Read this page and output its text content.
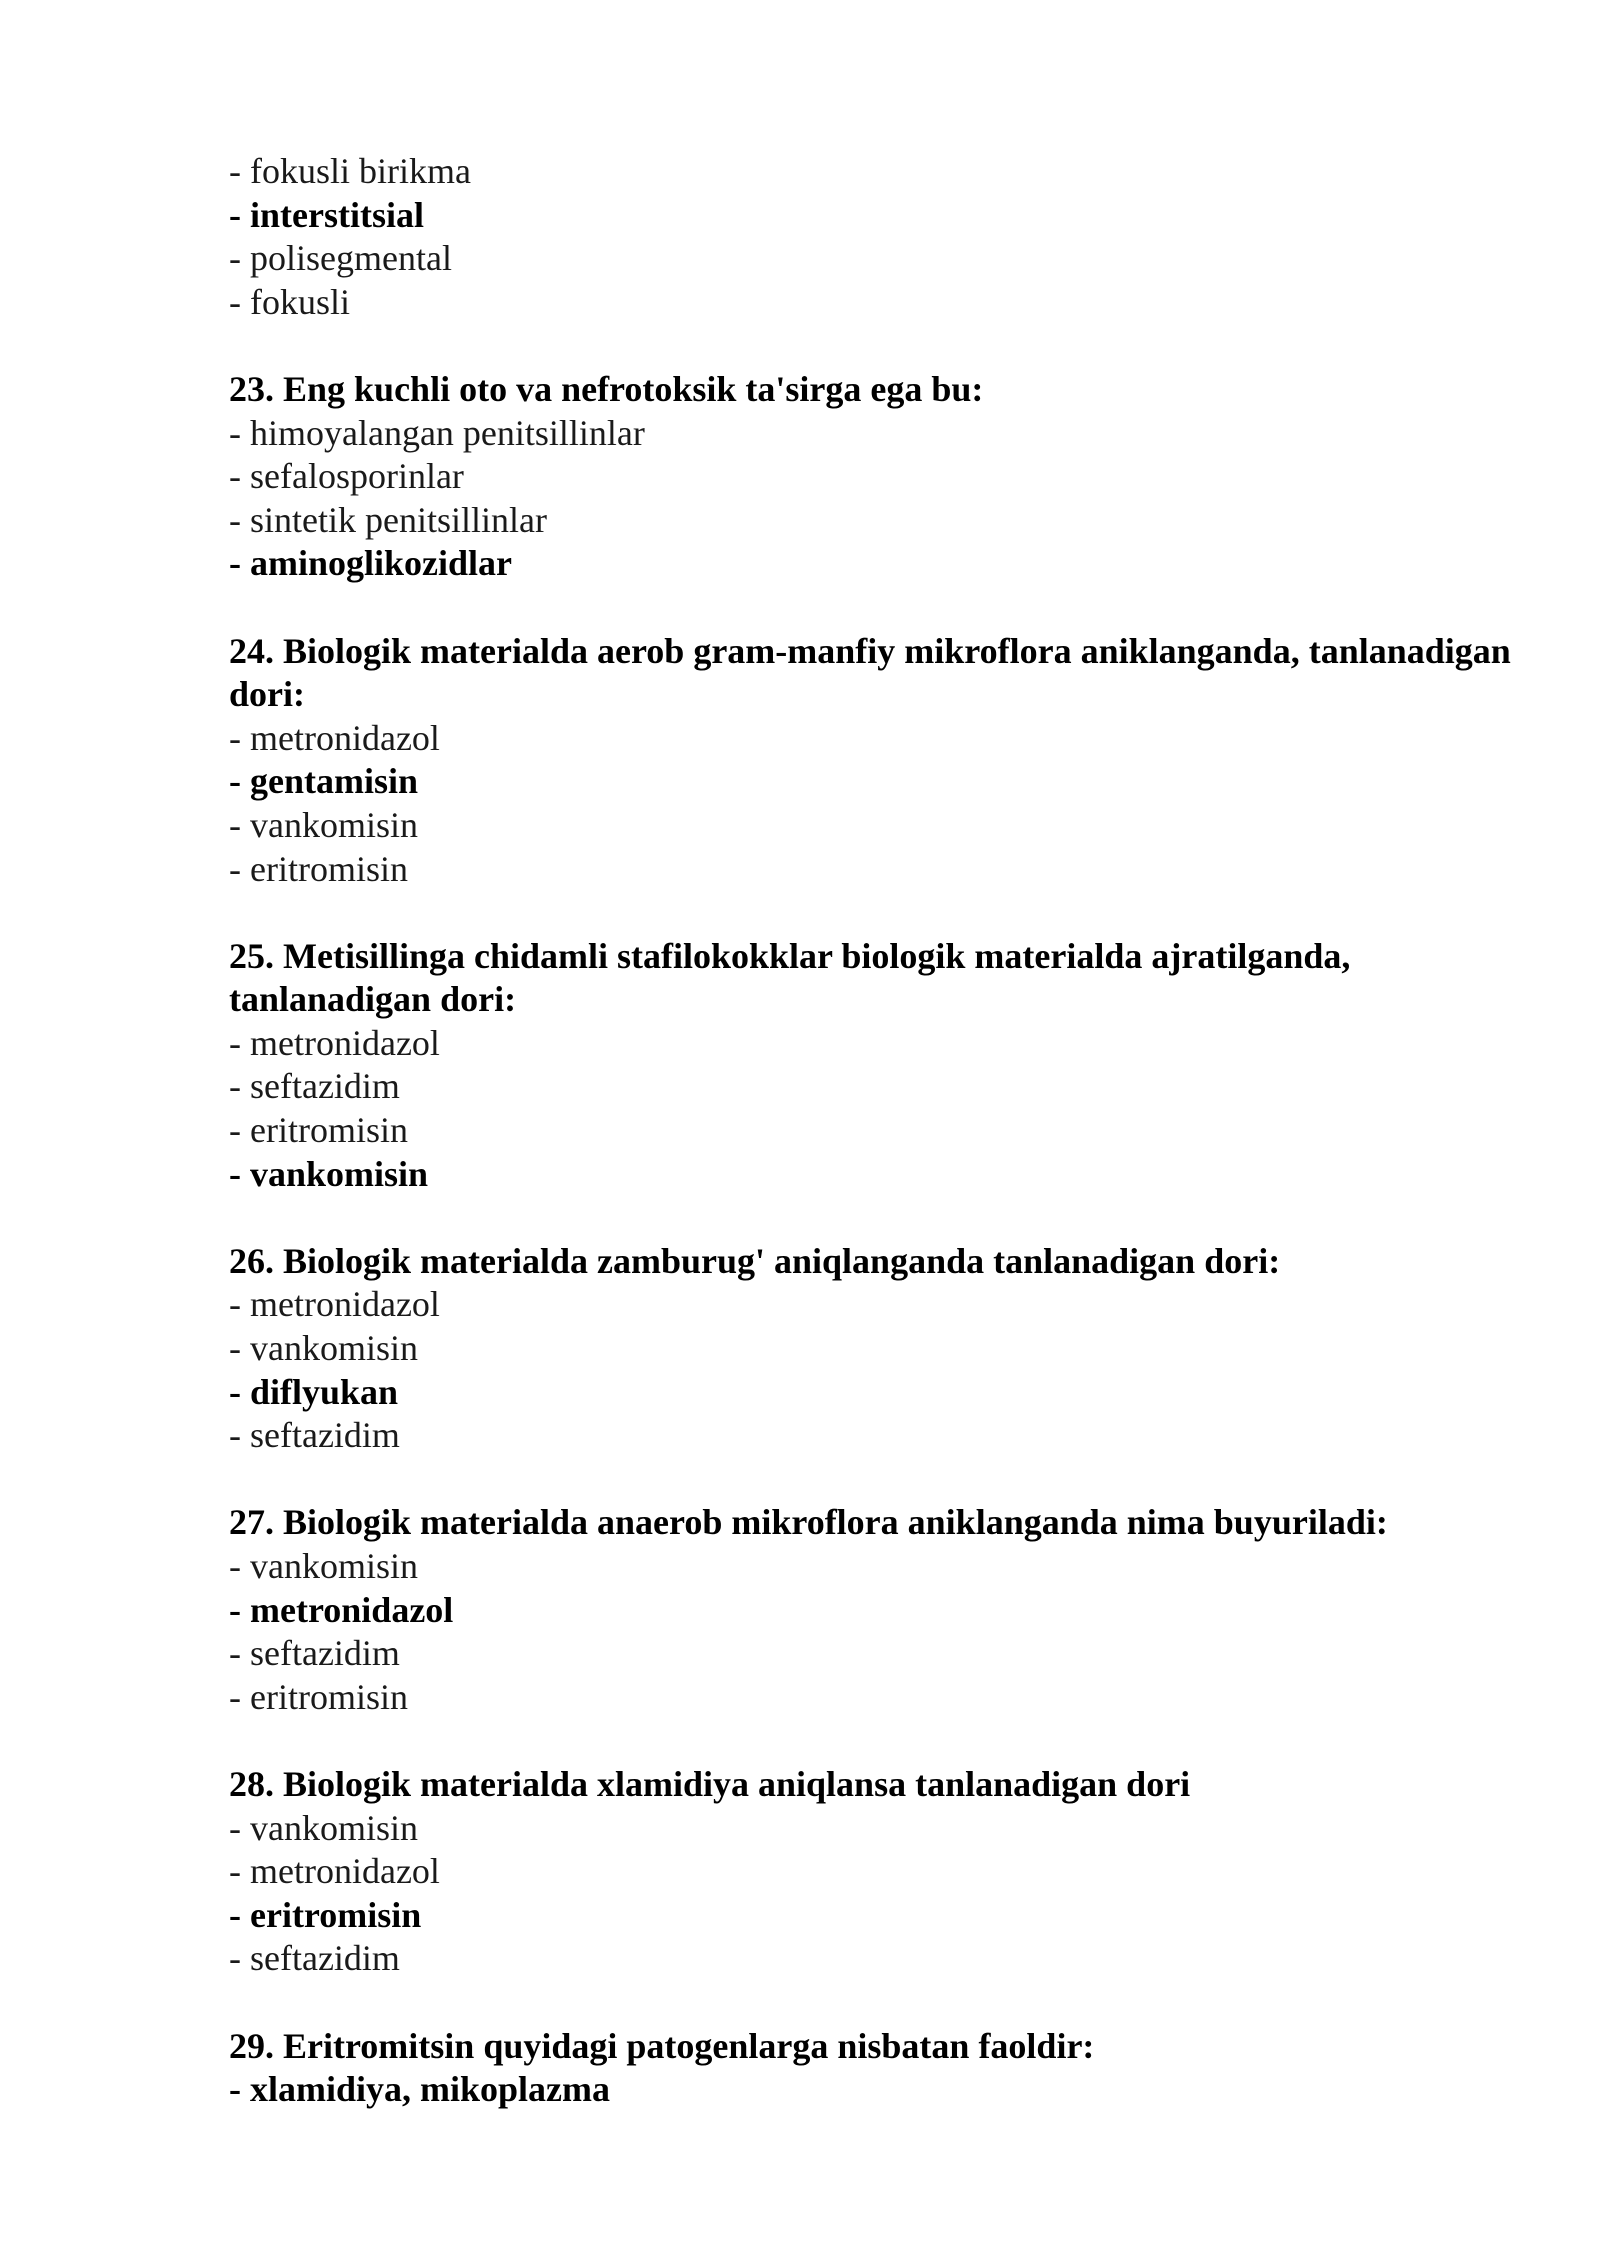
- fokusli birikma

- interstitsial

- polisegmental

- fokusli

23. Eng kuchli oto va nefrotoksik ta'sirga ega bu:

- himoyalangan penitsillinlar

- sefalosporinlar

- sintetik penitsillinlar

- aminoglikozidlar

24. Biologik materialda aerob gram-manfiy mikroflora aniklanganda, tanlanadigan dori:

- metronidazol

- gentamisin

- vankomisin

- eritromisin

25. Metisillinga chidamli stafilokokklar biologik materialda ajratilganda, tanlanadigan dori:

- metronidazol

- seftazidim

- eritromisin

- vankomisin

26. Biologik materialda zamburug' aniqlanganda tanlanadigan dori:

- metronidazol

- vankomisin

- diflyukan

- seftazidim

27. Biologik materialda anaerob mikroflora aniklanganda nima buyuriladi:

- vankomisin

- metronidazol

- seftazidim

- eritromisin

28. Biologik materialda xlamidiya aniqlansa tanlanadigan dori

- vankomisin

- metronidazol

- eritromisin

- seftazidim

29. Eritromitsin quyidagi patogenlarga nisbatan faoldir:

- xlamidiya, mikoplazma
